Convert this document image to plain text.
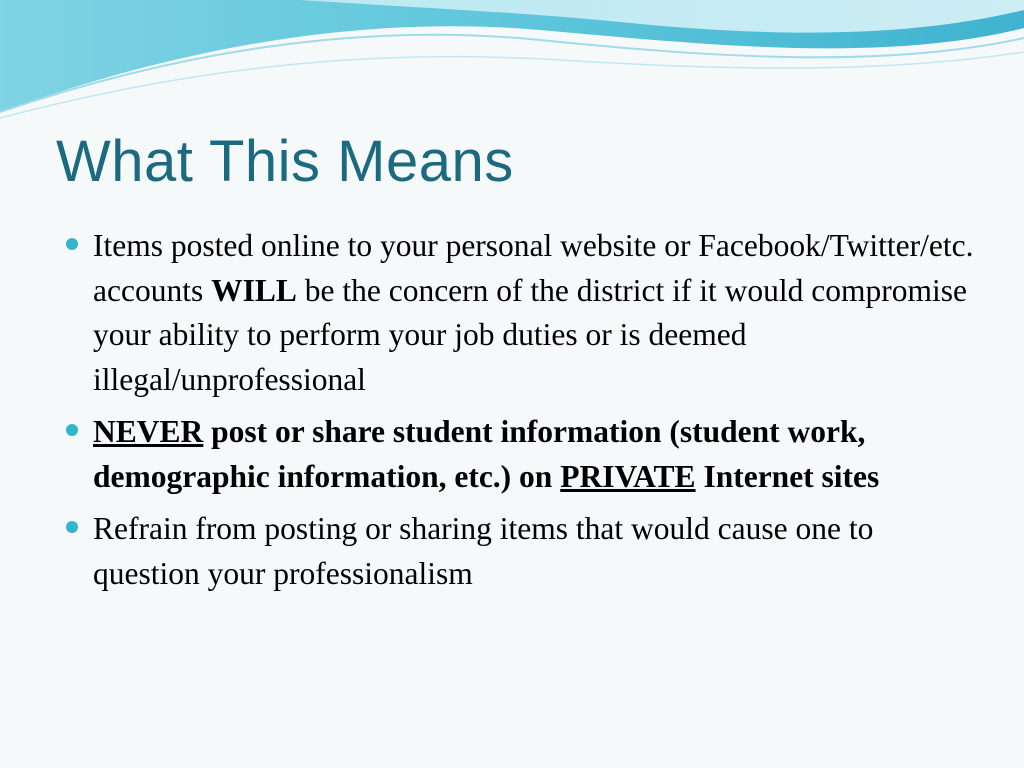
What This Means
Items posted online to your personal website or Facebook/Twitter/etc. accounts WILL be the concern of the district if it would compromise your ability to perform your job duties or is deemed illegal/unprofessional
NEVER post or share student information (student work, demographic information, etc.) on PRIVATE Internet sites
Refrain from posting or sharing items that would cause one to question your professionalism
